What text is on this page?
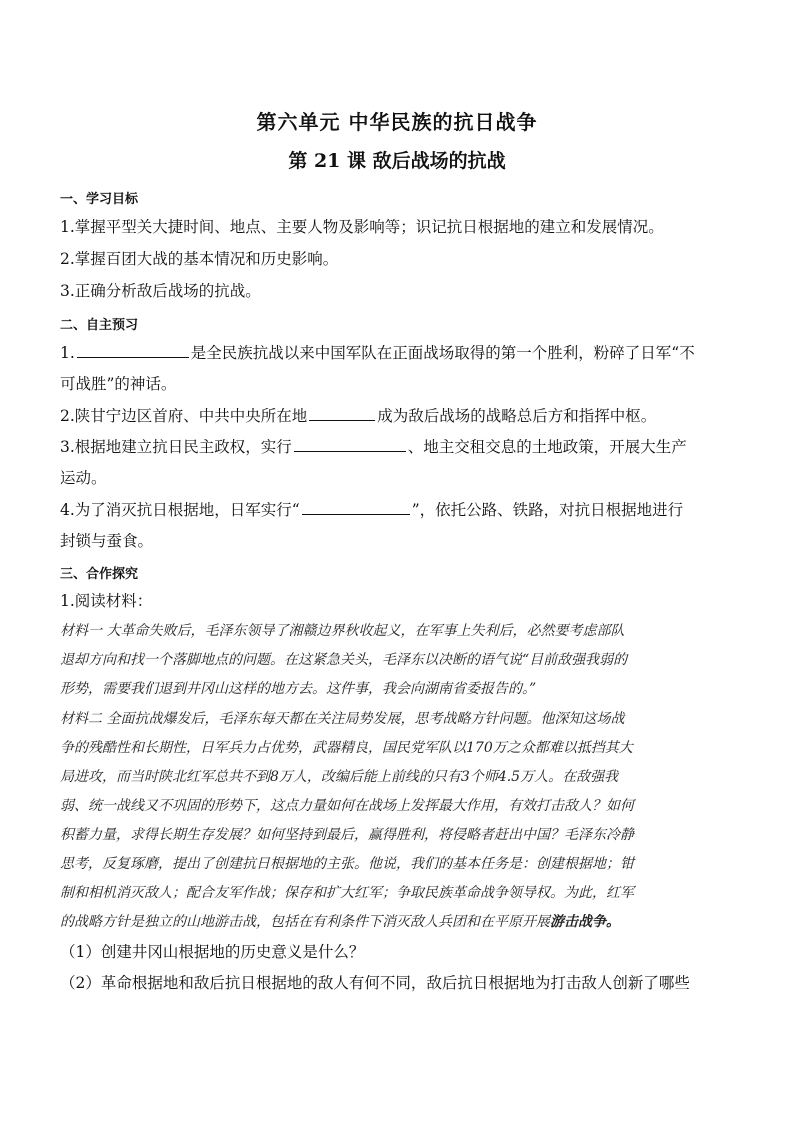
第六单元 中华民族的抗日战争
第 21 课 敌后战场的抗战
一、学习目标
1.掌握平型关大捷时间、地点、主要人物及影响等；识记抗日根据地的建立和发展情况。
2.掌握百团大战的基本情况和历史影响。
3.正确分析敌后战场的抗战。
二、自主预习
1.	是全民族抗战以来中国军队在正面战场取得的第一个胜利，粉碎了日军“不
可战胜”的神话。
2.陕甘宁边区首府、中共中央所在地	成为敌后战场的战略总后方和指挥中枢。
3.根据地建立抗日民主政权，实行	、地主交租交息的土地政策，开展大生产
运动。
4.为了消灭抗日根据地，日军实行“	”，依托公路、铁路，对抗日根据地进行
封锁与蚕食。
三、合作探究
1.阅读材料：
材料一 大革命失败后，毛泽东领导了湘赣边界秋收起义，在军事上失利后，必然要考虑部队
退却方向和找一个落脚地点的问题。在这紧急关头，毛泽东以决断的语气说“目前敌强我弱的
形势，需要我们退到井冈山这样的地方去。这件事，我会向湖南省委报告的。”
材料二 全面抗战爆发后，毛泽东每天都在关注局势发展，思考战略方针问题。他深知这场战
争的残酷性和长期性，日军兵力占优势，武器精良，国民党军队以170万之众都难以抵挡其大
局进攻，而当时陕北红军总共不到8万人，改编后能上前线的只有3个师4.5万人。在敌强我
弱、统一战线又不巩固的形势下，这点力量如何在战场上发挥最大作用，有效打击敌人？如何
积蓄力量，求得长期生存发展？如何坚持到最后，赢得胜利，将侵略者赶出中国？毛泽东冷静
思考，反复琢磨，提出了创建抗日根据地的主张。他说，我们的基本任务是：创建根据地；钳
制和相机消灭敌人；配合友军作战；保存和扩大红军；争取民族革命战争领导权。为此，红军
的战略方针是独立的山地游击战，包括在有利条件下消灭敌人兵团和在平原开展游击战争。
（1）创建井冈山根据地的历史意义是什么？
（2）革命根据地和敌后抗日根据地的敌人有何不同，敌后抗日根据地为打击敌人创新了哪些
